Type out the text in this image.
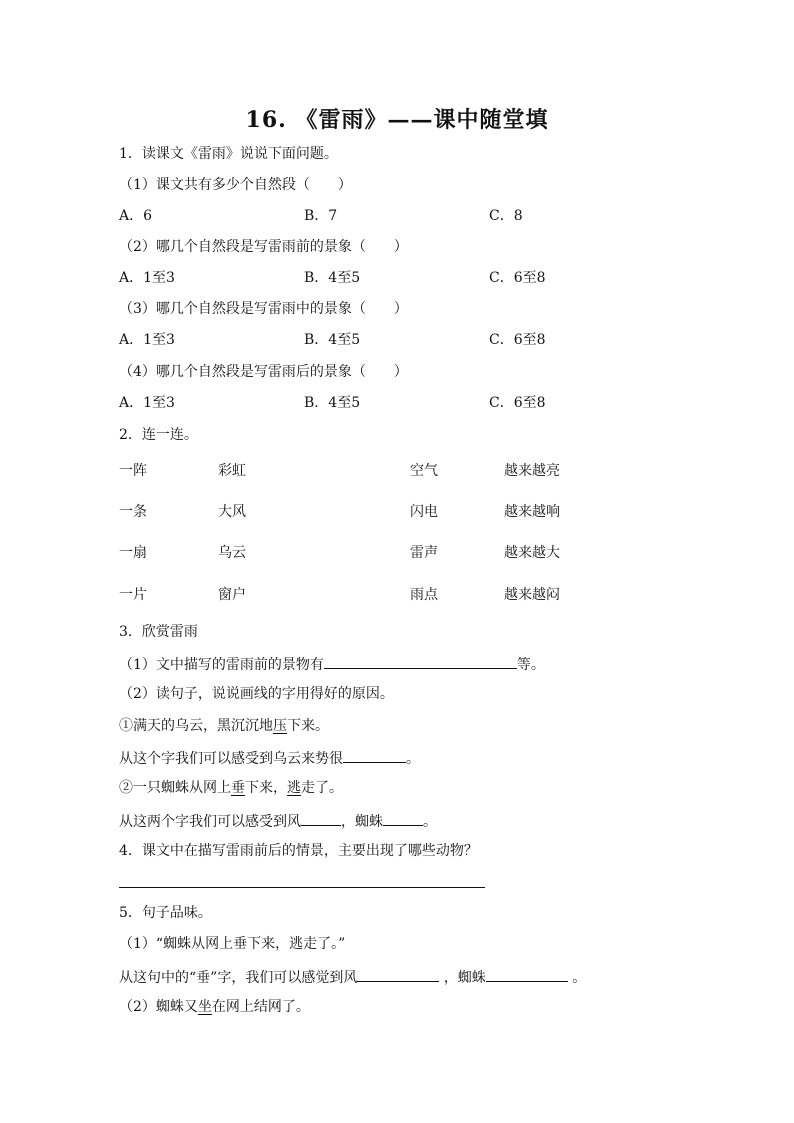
16. 《雷雨》——课中随堂填
1．读课文《雷雨》说说下面问题。
（1）课文共有多少个自然段（　　）
A．6	B．7	C．8
（2）哪几个自然段是写雷雨前的景象（　　）
A．1至3	B．4至5	C．6至8
（3）哪几个自然段是写雷雨中的景象（　　）
A．1至3	B．4至5	C．6至8
（4）哪几个自然段是写雷雨后的景象（　　）
A．1至3	B．4至5	C．6至8
2．连一连。
一阵	彩虹	空气	越来越亮
一条	大风	闪电	越来越响
一扇	乌云	雷声	越来越大
一片	窗户	雨点	越来越闷
3．欣赏雷雨
（1）文中描写的雷雨前的景物有	等。
（2）读句子，说说画线的字用得好的原因。
①满天的乌云，黑沉沉地压下来。
从这个字我们可以感受到乌云来势很	。
②一只蜘蛛从网上垂下来，逃走了。
从这两个字我们可以感受到风	，蜘蛛	。
4．课文中在描写雷雨前后的情景，主要出现了哪些动物？
5．句子品味。
（1）“蜘蛛从网上垂下来，逃走了。”
从这句中的“垂”字，我们可以感觉到风	，蜘蛛	。
（2）蜘蛛又坐在网上结网了。
